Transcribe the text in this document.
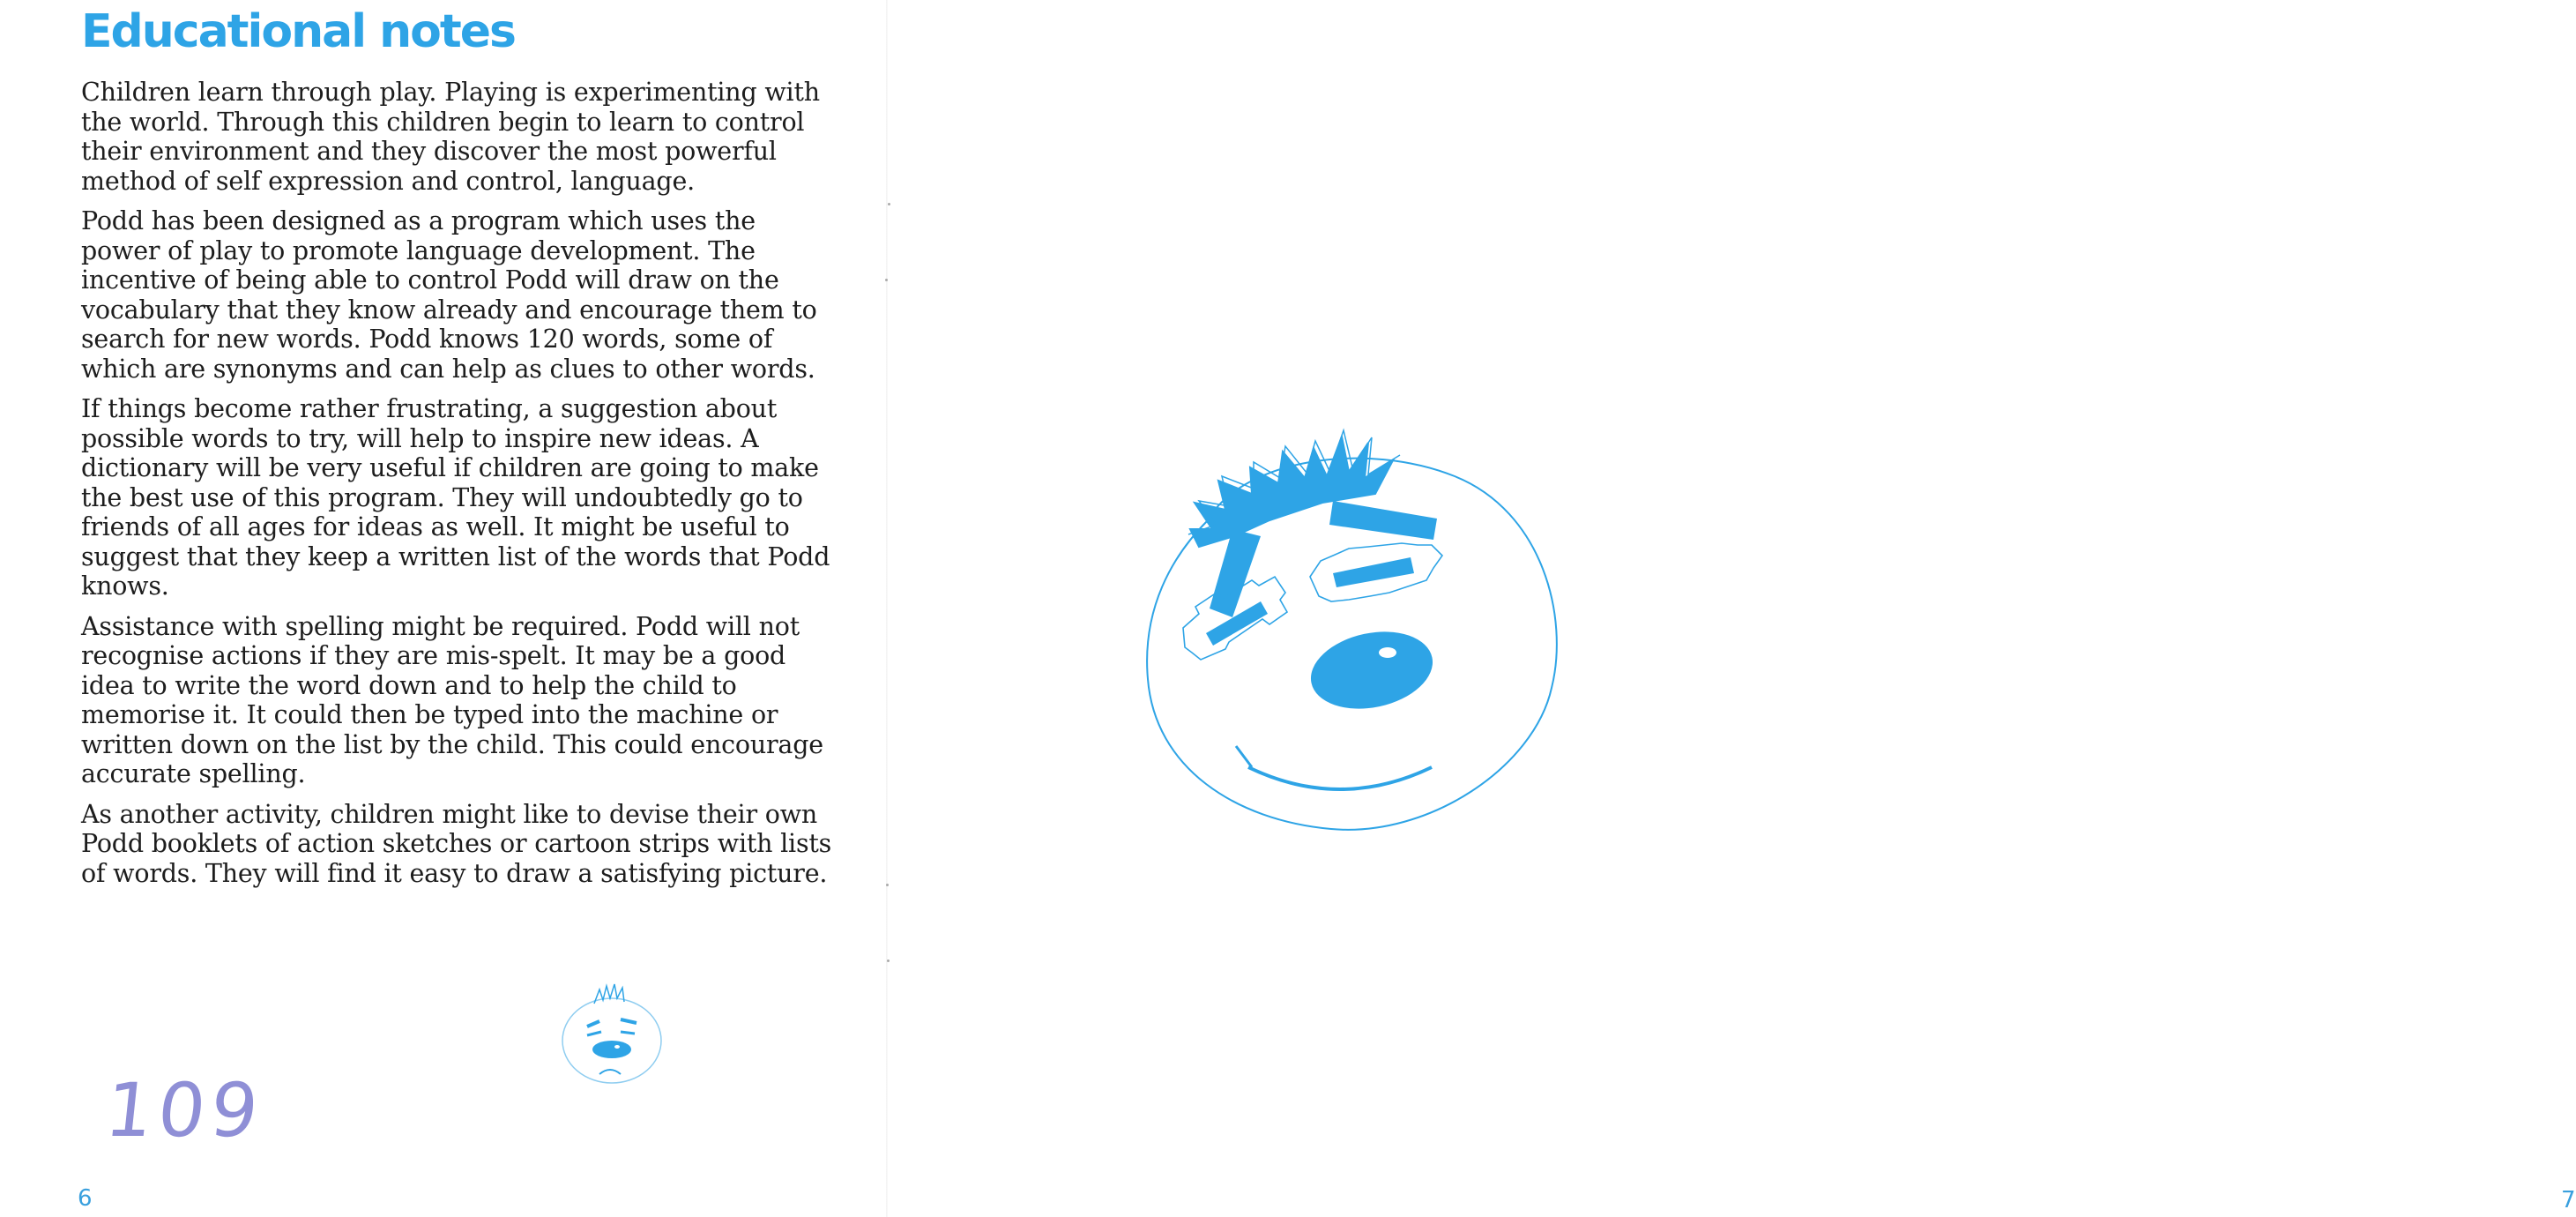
Educational notes

Children learn through play. Playing is experimenting with the world. Through this children begin to learn to control their environment and they discover the most powerful method of self expression and control, language.

Podd has been designed as a program which uses the power of play to promote language development. The incentive of being able to control Podd will draw on the vocabulary that they know already and encourage them to search for new words. Podd knows 120 words, some of which are synonyms and can help as clues to other words.

If things become rather frustrating, a suggestion about possible words to try, will help to inspire new ideas. A dictionary will be very useful if children are going to make the best use of this program. They will undoubtedly go to friends of all ages for ideas as well. It might be useful to suggest that they keep a written list of the words that Podd knows.

Assistance with spelling might be required. Podd will not recognise actions if they are mis-spelt. It may be a good idea to write the word down and to help the child to memorise it. It could then be typed into the machine or written down on the list by the child. This could encourage accurate spelling.

As another activity, children might like to devise their own Podd booklets of action sketches or cartoon strips with lists of words. They will find it easy to draw a satisfying picture.

109
6	7
